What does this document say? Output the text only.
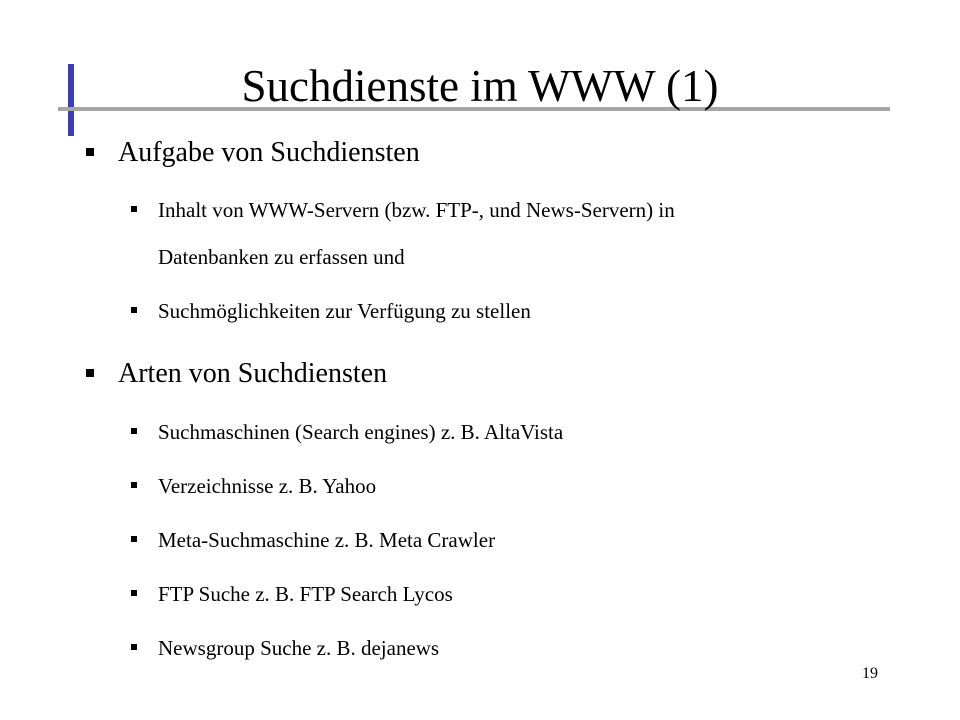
Suchdienste im WWW (1)
Aufgabe von Suchdiensten
Inhalt von WWW-Servern (bzw. FTP-, und News-Servern) in
Datenbanken zu erfassen und
Suchmöglichkeiten zur Verfügung zu stellen
Arten von Suchdiensten
Suchmaschinen (Search engines) z. B. AltaVista
Verzeichnisse z. B. Yahoo
Meta-Suchmaschine z. B. Meta Crawler
FTP Suche z. B. FTP Search Lycos
Newsgroup Suche z. B. dejanews
19
